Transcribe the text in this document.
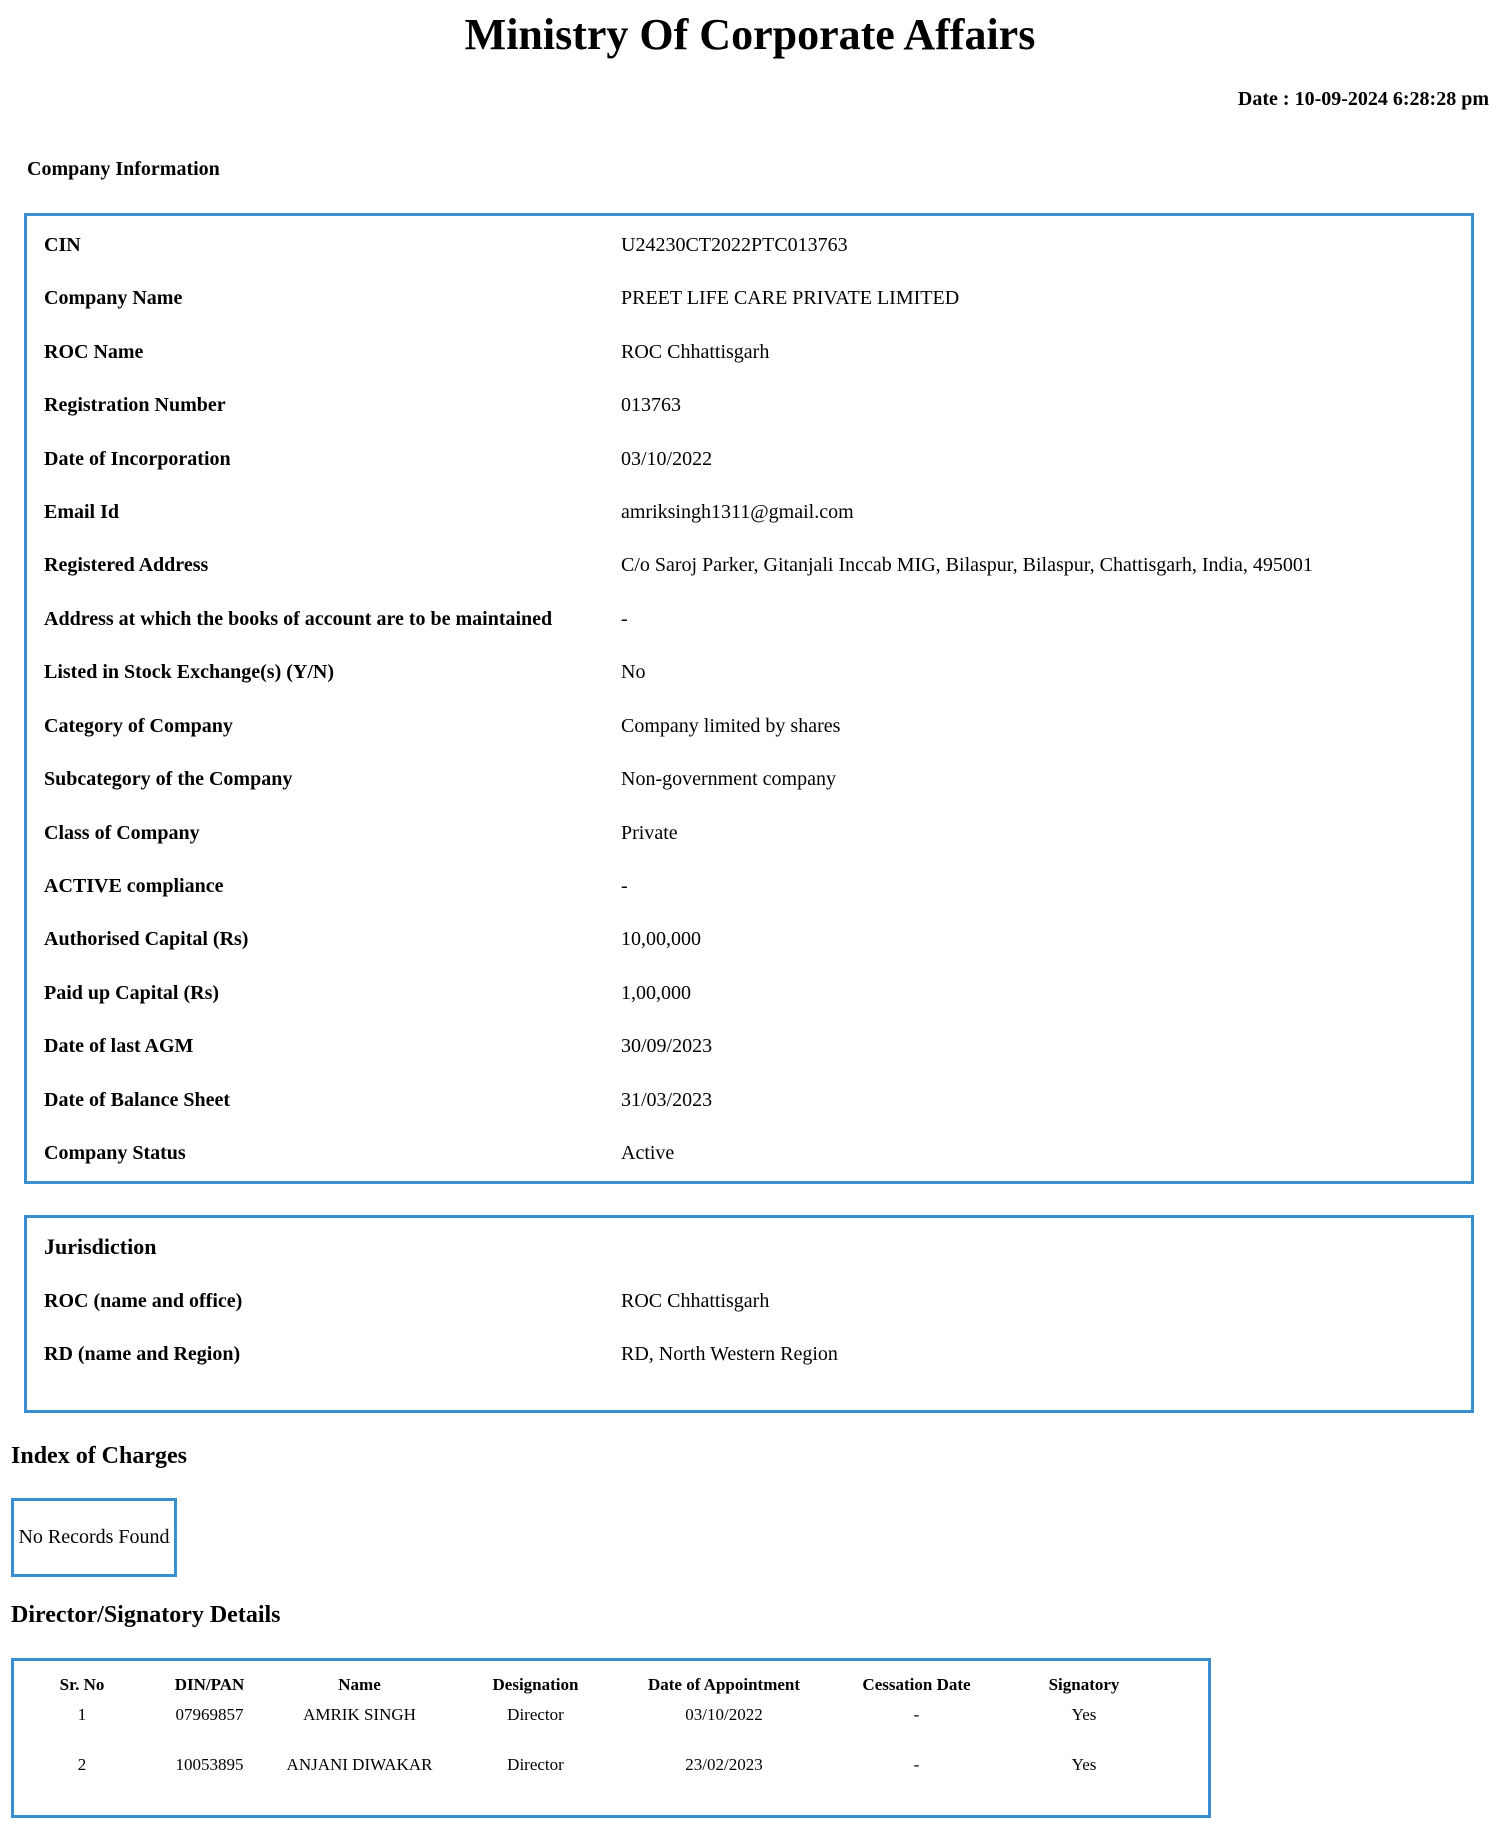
Ministry Of Corporate Affairs
Date : 10-09-2024 6:28:28 pm
Company Information
CIN	U24230CT2022PTC013763
Company Name	PREET LIFE CARE PRIVATE LIMITED
ROC Name	ROC Chhattisgarh
Registration Number	013763
Date of Incorporation	03/10/2022
Email Id	amriksingh1311@gmail.com
Registered Address	C/o Saroj Parker, Gitanjali Inccab MIG, Bilaspur, Bilaspur, Chattisgarh, India, 495001
Address at which the books of account are to be maintained	-
Listed in Stock Exchange(s) (Y/N)	No
Category of Company	Company limited by shares
Subcategory of the Company	Non-government company
Class of Company	Private
ACTIVE compliance	-
Authorised Capital (Rs)	10,00,000
Paid up Capital (Rs)	1,00,000
Date of last AGM	30/09/2023
Date of Balance Sheet	31/03/2023
Company Status	Active
Jurisdiction
ROC (name and office)	ROC Chhattisgarh
RD (name and Region)	RD, North Western Region
Index of Charges
No Records Found
Director/Signatory Details
Sr. No	DIN/PAN	Name	Designation	Date of Appointment	Cessation Date	Signatory
1	07969857	AMRIK SINGH	Director	03/10/2022	-	Yes
2	10053895	ANJANI DIWAKAR	Director	23/02/2023	-	Yes
